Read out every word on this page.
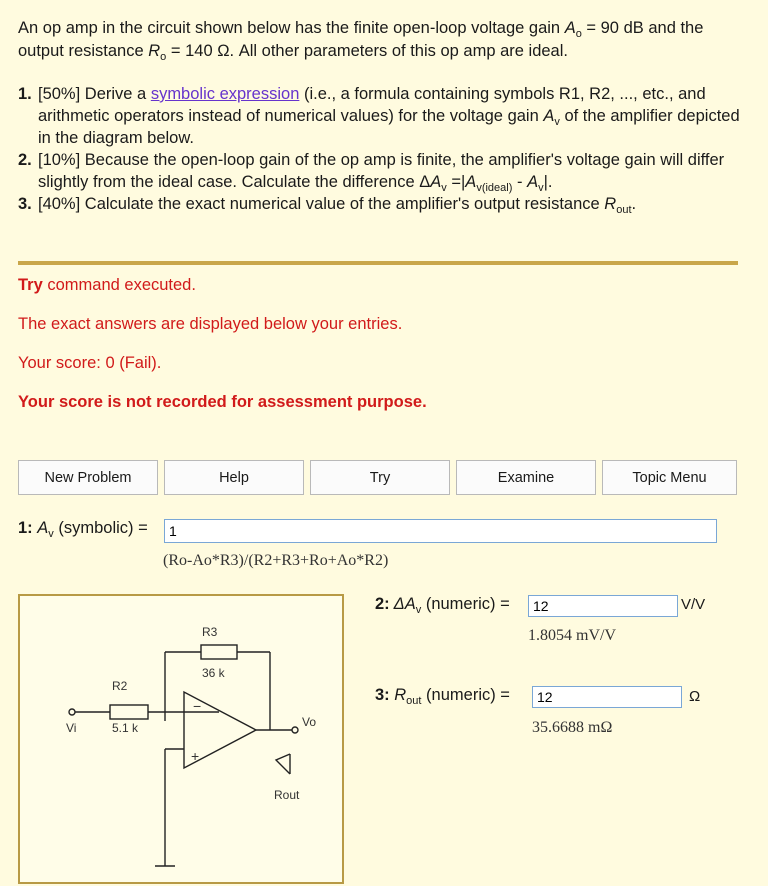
An op amp in the circuit shown below has the finite open-loop voltage gain $A_o = 90$ dB and the output resistance $R_o = 140$ Ω. All other parameters of this op amp are ideal.
1. [50%] Derive a symbolic expression (i.e., a formula containing symbols R1, R2, ..., etc., and arithmetic operators instead of numerical values) for the voltage gain $A_v$ of the amplifier depicted in the diagram below.
2. [10%] Because the open-loop gain of the op amp is finite, the amplifier's voltage gain will differ slightly from the ideal case. Calculate the difference $\Delta A_v =|A_{v(ideal)} - A_v|$.
3. [40%] Calculate the exact numerical value of the amplifier's output resistance $R_{out}$.
Try command executed.
The exact answers are displayed below your entries.
Your score: 0 (Fail).
Your score is not recorded for assessment purpose.
New Problem	Help	Try	Examine	Topic Menu
1: $A_v$ (symbolic) =
1
(Ro-Ao*R3)/(R2+R3+Ro+Ao*R2)
2: $\Delta A_v$ (numeric) =
12	V/V
1.8054 mV/V
3: $R_{out}$ (numeric) =
12	Ω
35.6688 mΩ
R3
36 k
R2
5.1 k
Vi	Vo
Rout
−
+
